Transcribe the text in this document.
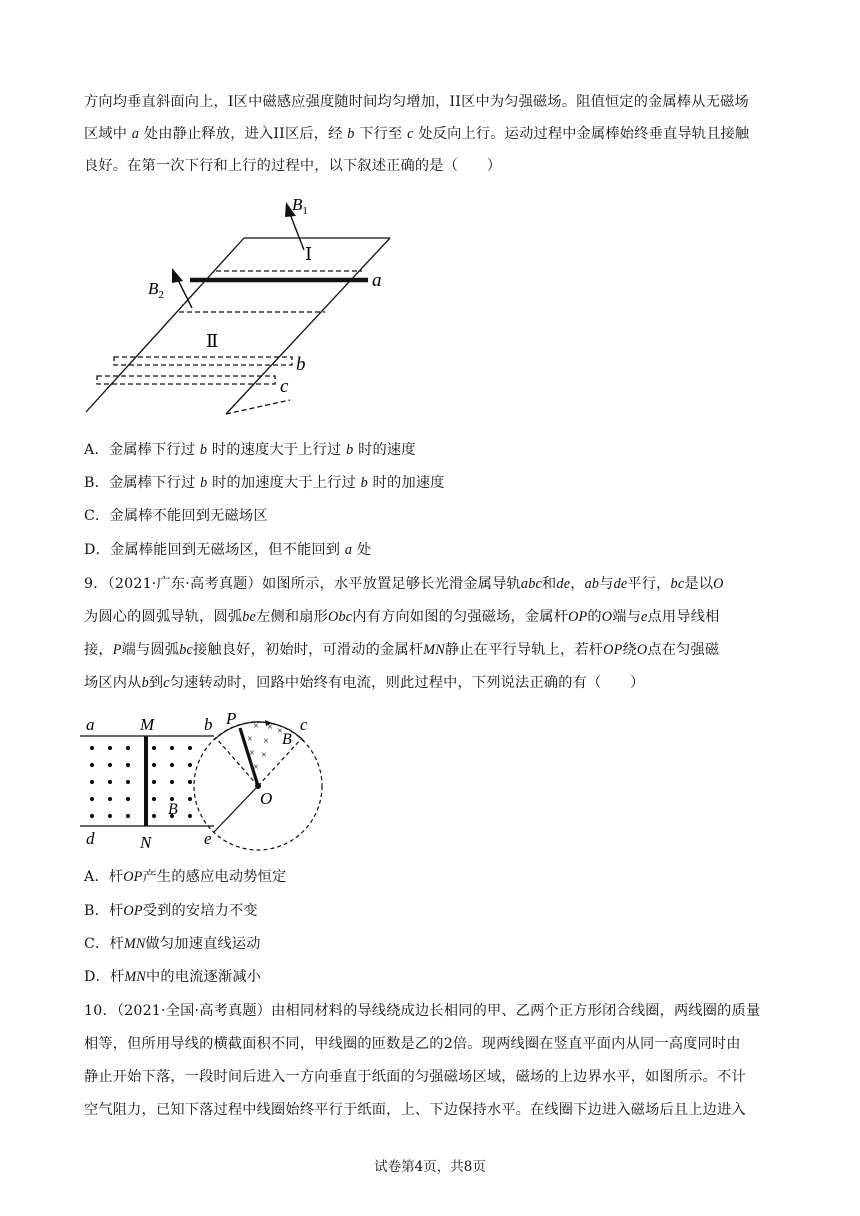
方向均垂直斜面向上，I区中磁感应强度随时间均匀增加，II区中为匀强磁场。阻值恒定的金属棒从无磁场
区域中 a 处由静止释放，进入II区后，经 b 下行至 c 处反向上行。运动过程中金属棒始终垂直导轨且接触
良好。在第一次下行和上行的过程中，以下叙述正确的是（　　）
$B_1$
$B_2$
Ⅰ
Ⅱ
a
b
c
A．金属棒下行过 b 时的速度大于上行过 b 时的速度
B．金属棒下行过 b 时的加速度大于上行过 b 时的加速度
C．金属棒不能回到无磁场区
D．金属棒能回到无磁场区，但不能回到 a 处
9．（2021·广东·高考真题）如图所示，水平放置足够长光滑金属导轨abc和de，ab与de平行，bc是以O
为圆心的圆弧导轨，圆弧be左侧和扇形Obc内有方向如图的匀强磁场，金属杆OP的O端与e点用导线相
接，P端与圆弧bc接触良好，初始时，可滑动的金属杆MN静止在平行导轨上，若杆OP绕O点在匀强磁
场区内从b到c匀速转动时，回路中始终有电流，则此过程中，下列说法正确的有（　　）
× × ×
× ×
× ×
×
a	M	b P	c
B
O
B
d	N	e
A．杆OP产生的感应电动势恒定
B．杆OP受到的安培力不变
C．杆MN做匀加速直线运动
D．杆MN中的电流逐渐减小
10．（2021·全国·高考真题）由相同材料的导线绕成边长相同的甲、乙两个正方形闭合线圈，两线圈的质量
相等，但所用导线的横截面积不同，甲线圈的匝数是乙的2倍。现两线圈在竖直平面内从同一高度同时由
静止开始下落，一段时间后进入一方向垂直于纸面的匀强磁场区域，磁场的上边界水平，如图所示。不计
空气阻力，已知下落过程中线圈始终平行于纸面，上、下边保持水平。在线圈下边进入磁场后且上边进入
试卷第4页，共8页
